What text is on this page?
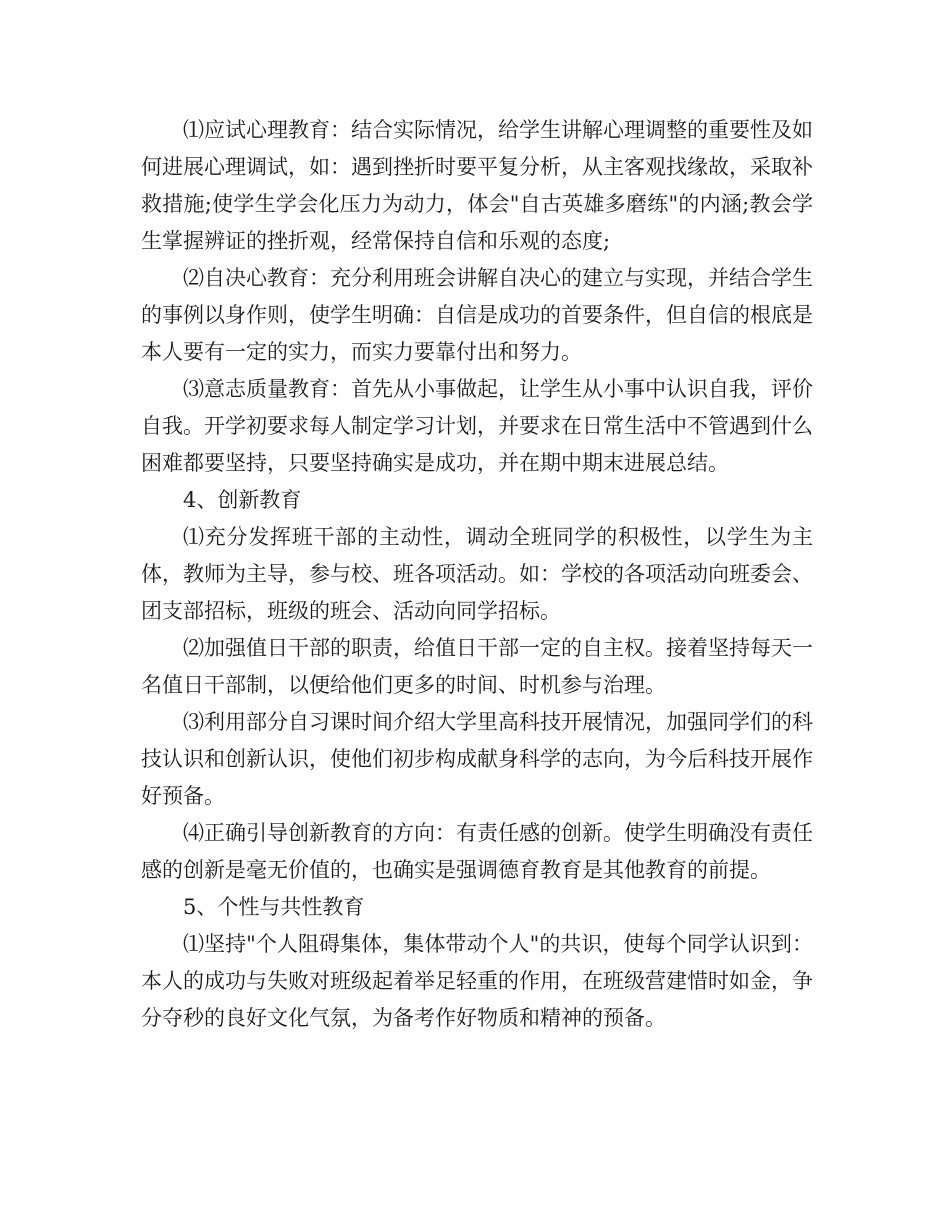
⑴应试心理教育：结合实际情况，给学生讲解心理调整的重要性及如何进展心理调试，如：遇到挫折时要平复分析，从主客观找缘故，采取补救措施;使学生学会化压力为动力，体会"自古英雄多磨练"的内涵;教会学生掌握辨证的挫折观，经常保持自信和乐观的态度;

⑵自决心教育：充分利用班会讲解自决心的建立与实现，并结合学生的事例以身作则，使学生明确：自信是成功的首要条件，但自信的根底是本人要有一定的实力，而实力要靠付出和努力。

⑶意志质量教育：首先从小事做起，让学生从小事中认识自我，评价自我。开学初要求每人制定学习计划，并要求在日常生活中不管遇到什么困难都要坚持，只要坚持确实是成功，并在期中期末进展总结。

4、创新教育

⑴充分发挥班干部的主动性，调动全班同学的积极性，以学生为主体，教师为主导，参与校、班各项活动。如：学校的各项活动向班委会、团支部招标，班级的班会、活动向同学招标。

⑵加强值日干部的职责，给值日干部一定的自主权。接着坚持每天一名值日干部制，以便给他们更多的时间、时机参与治理。

⑶利用部分自习课时间介绍大学里高科技开展情况，加强同学们的科技认识和创新认识，使他们初步构成献身科学的志向，为今后科技开展作好预备。

⑷正确引导创新教育的方向：有责任感的创新。使学生明确没有责任感的创新是毫无价值的，也确实是强调德育教育是其他教育的前提。

5、个性与共性教育

⑴坚持"个人阻碍集体，集体带动个人"的共识，使每个同学认识到：本人的成功与失败对班级起着举足轻重的作用，在班级营建惜时如金，争分夺秒的良好文化气氛，为备考作好物质和精神的预备。
